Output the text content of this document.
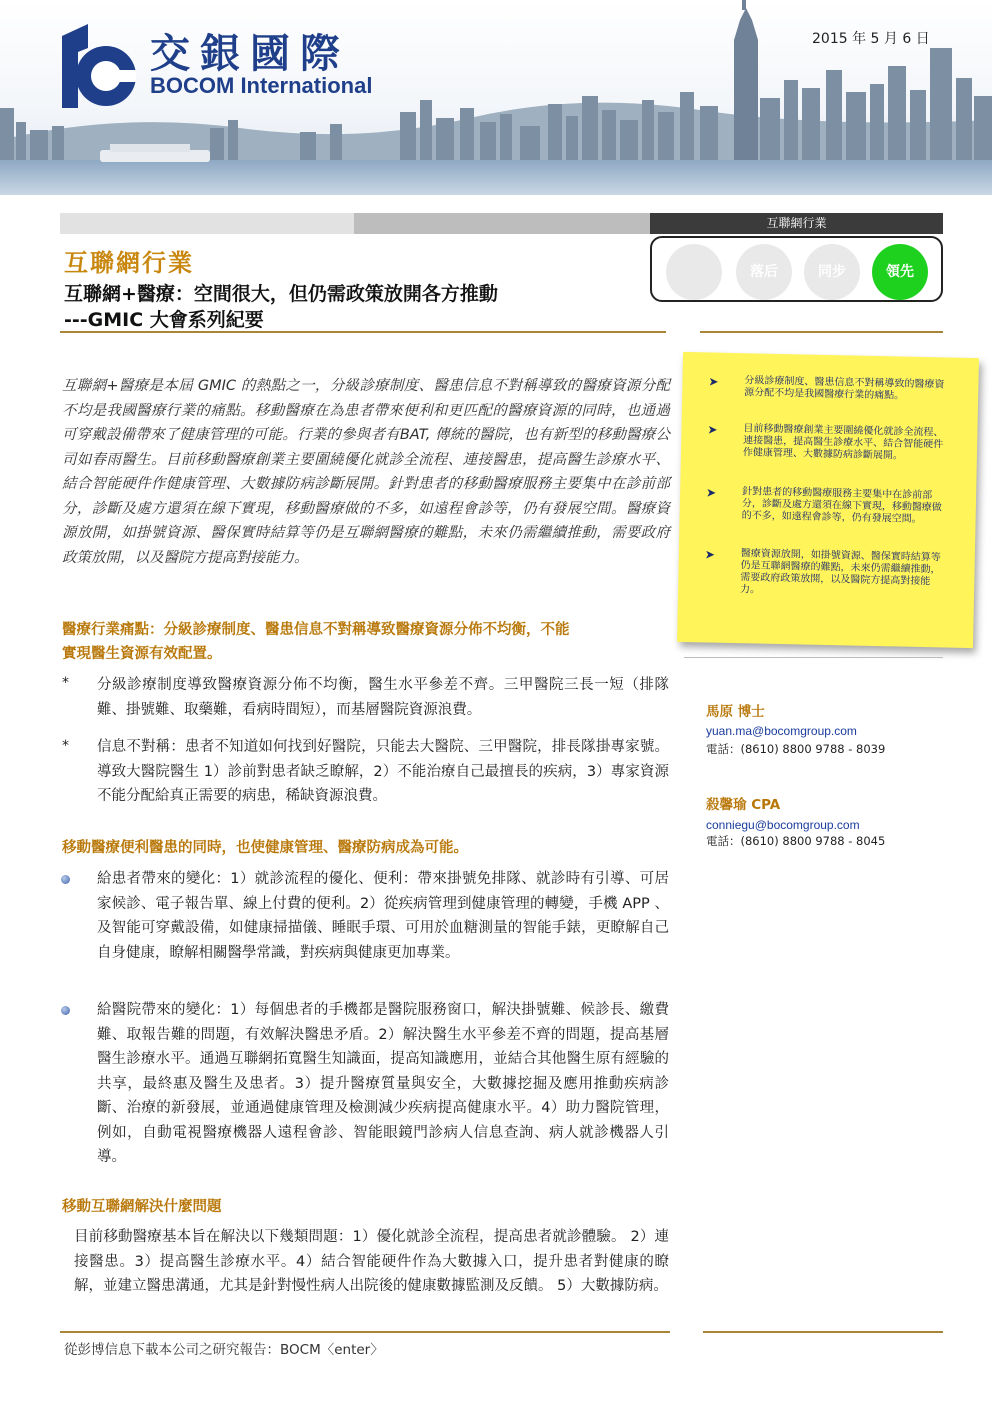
交銀國際
BOCOM International
2015 年 5 月 6 日
互聯網行業
落后	同步	領先
互聯網行業
互聯網+醫療：空間很大，但仍需政策放開各方推動
---GMIC 大會系列紀要
互聯網+醫療是本屆 GMIC 的熱點之一，分級診療制度、醫患信息不對稱導致的醫療資源分配不均是我國醫療行業的痛點。移動醫療在為患者帶來便利和更匹配的醫療資源的同時，也通過可穿戴設備帶來了健康管理的可能。行業的參與者有BAT, 傳統的醫院，也有新型的移動醫療公司如春雨醫生。目前移動醫療創業主要圍繞優化就診全流程、連接醫患，提高醫生診療水平、結合智能硬件作健康管理、大數據防病診斷展開。針對患者的移動醫療服務主要集中在診前部分，診斷及處方還須在線下實現，移動醫療做的不多，如遠程會診等，仍有發展空間。醫療資源放開，如掛號資源、醫保實時結算等仍是互聯網醫療的難點，未來仍需繼續推動，需要政府政策放開，以及醫院方提高對接能力。
醫療行業痛點：分級診療制度、醫患信息不對稱導致醫療資源分佈不均衡，不能
實現醫生資源有效配置。
* 分級診療制度導致醫療資源分佈不均衡，醫生水平參差不齊。三甲醫院三長一短（排隊難、掛號難、取藥難，看病時間短），而基層醫院資源浪費。
* 信息不對稱：患者不知道如何找到好醫院，只能去大醫院、三甲醫院，排長隊掛專家號。導致大醫院醫生 1）診前對患者缺乏瞭解，2）不能治療自己最擅長的疾病，3）專家資源不能分配給真正需要的病患，稀缺資源浪費。
移動醫療便利醫患的同時，也使健康管理、醫療防病成為可能。
給患者帶來的變化：1）就診流程的優化、便利：帶來掛號免排隊、就診時有引導、可居家候診、電子報告單、線上付費的便利。2）從疾病管理到健康管理的轉變，手機 APP 、及智能可穿戴設備，如健康掃描儀、睡眠手環、可用於血糖測量的智能手錶，更瞭解自己自身健康，瞭解相關醫學常識，對疾病與健康更加專業。
給醫院帶來的變化：1）每個患者的手機都是醫院服務窗口，解決掛號難、候診長、繳費難、取報告難的問題，有效解決醫患矛盾。2）解決醫生水平參差不齊的問題，提高基層醫生診療水平。通過互聯網拓寬醫生知識面，提高知識應用，並結合其他醫生原有經驗的共享，最終惠及醫生及患者。3）提升醫療質量與安全，大數據挖掘及應用推動疾病診斷、治療的新發展，並通過健康管理及檢測減少疾病提高健康水平。4）助力醫院管理，例如，自動電視醫療機器人遠程會診、智能眼鏡門診病人信息查詢、病人就診機器人引導。
移動互聯網解決什麼問題
目前移動醫療基本旨在解決以下幾類問題：1）優化就診全流程，提高患者就診體驗。 2）連接醫患。3）提高醫生診療水平。4）結合智能硬件作為大數據入口，提升患者對健康的瞭解，並建立醫患溝通，尤其是針對慢性病人出院後的健康數據監測及反饋。 5）大數據防病。
➤	分級診療制度、醫患信息不對稱導致的醫療資源分配不均是我國醫療行業的痛點。
➤	目前移動醫療創業主要圍繞優化就診全流程、連接醫患，提高醫生診療水平、結合智能硬件作健康管理、大數據防病診斷展開。
➤	針對患者的移動醫療服務主要集中在診前部分，診斷及處方還須在線下實現，移動醫療做的不多，如遠程會診等，仍有發展空間。
➤	醫療資源放開，如掛號資源、醫保實時結算等仍是互聯網醫療的難點，未來仍需繼續推動，需要政府政策放開，以及醫院方提高對接能力。
馬原 博士
yuan.ma@bocomgroup.com
電話：(8610) 8800 9788 - 8039
殺馨瑜 CPA
conniegu@bocomgroup.com
電話：(8610) 8800 9788 - 8045
從彭博信息下載本公司之研究報告：BOCM〈enter〉
